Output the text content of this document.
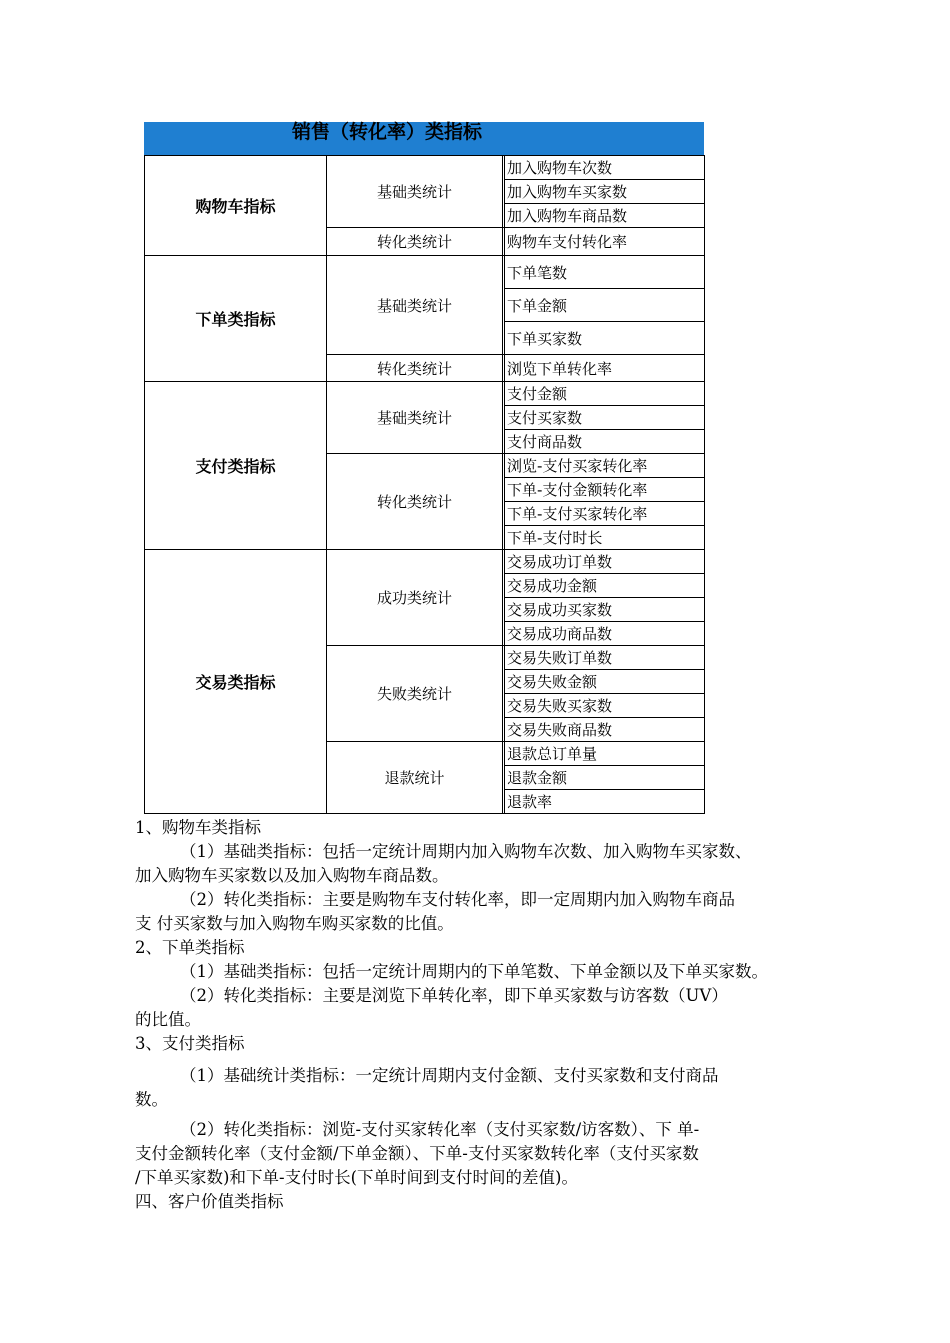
销售（转化率）类指标
购物车指标	基础类统计		加入购物车次数
			加入购物车买家数
			加入购物车商品数
	转化类统计		购物车支付转化率
下单类指标	基础类统计		下单笔数
			下单金额
			下单买家数
	转化类统计		浏览下单转化率
支付类指标	基础类统计		支付金额
			支付买家数
			支付商品数
	转化类统计		浏览-支付买家转化率
			下单-支付金额转化率
			下单-支付买家转化率
			下单-支付时长
交易类指标	成功类统计		交易成功订单数
			交易成功金额
			交易成功买家数
			交易成功商品数
	失败类统计		交易失败订单数
			交易失败金额
			交易失败买家数
			交易失败商品数
	退款统计		退款总订单量
			退款金额
			退款率

1、购物车类指标

（1）基础类指标：包括一定统计周期内加入购物车次数、加入购物车买家数、

加入购物车买家数以及加入购物车商品数。

（2）转化类指标：主要是购物车支付转化率，即一定周期内加入购物车商品

支 付买家数与加入购物车购买家数的比值。

2、下单类指标

（1）基础类指标：包括一定统计周期内的下单笔数、下单金额以及下单买家数。

（2）转化类指标：主要是浏览下单转化率，即下单买家数与访客数（UV）

的比值。

3、支付类指标

（1）基础统计类指标：一定统计周期内支付金额、支付买家数和支付商品

数。

（2）转化类指标：浏览-支付买家转化率（支付买家数/访客数）、下 单-

支付金额转化率（支付金额/下单金额）、下单-支付买家数转化率（支付买家数

/下单买家数)和下单-支付时长(下单时间到支付时间的差值)。

四、客户价值类指标
